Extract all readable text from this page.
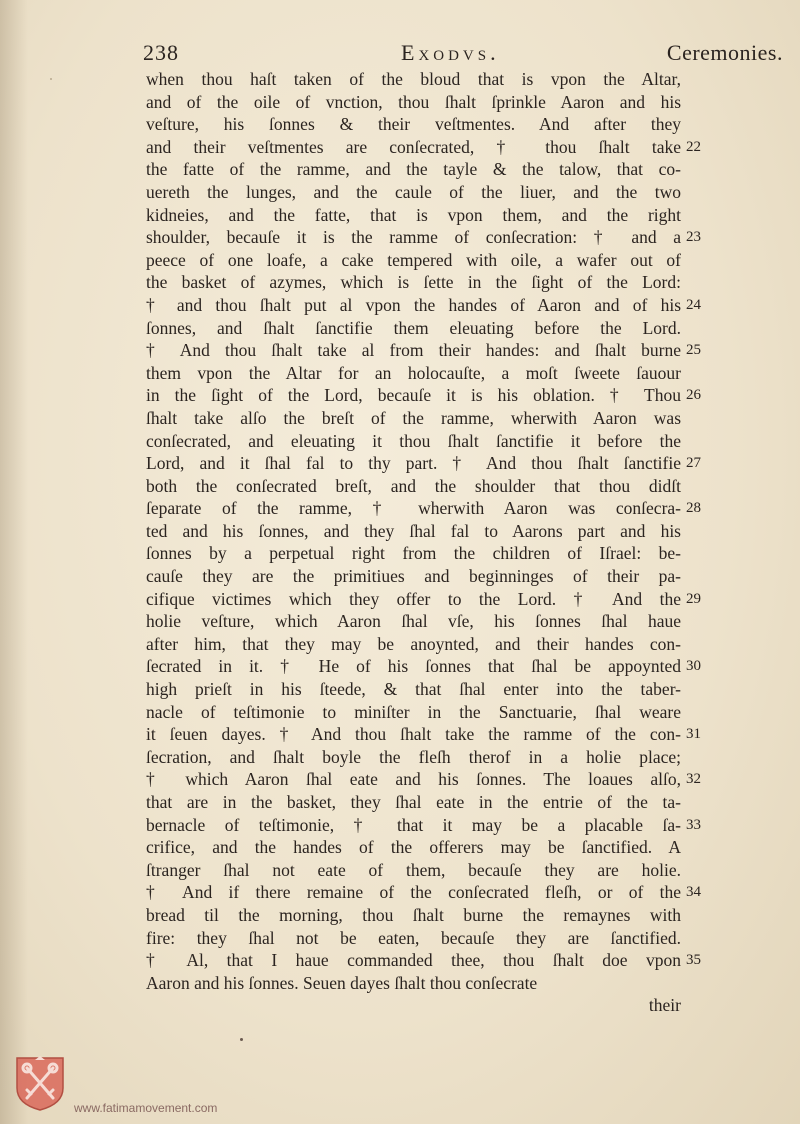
238	Exodvs.	Ceremonies.
when thou haſt taken of the bloud that is vpon the Altar,
and of the oile of vnction, thou ſhalt ſprinkle Aaron and his
veſture, his ſonnes & their veſtmentes. And after they
and their veſtmentes are conſecrated, † thou ſhalt take
the fatte of the ramme, and the tayle & the talow, that co-
uereth the lunges, and the caule of the liuer, and the two
kidneies, and the fatte, that is vpon them, and the right
shoulder, becauſe it is the ramme of conſecration: † and a
peece of one loafe, a cake tempered with oile, a wafer out of
the basket of azymes, which is ſette in the ſight of the Lord:
† and thou ſhalt put al vpon the handes of Aaron and of his
ſonnes, and ſhalt ſanctifie them eleuating before the Lord.
† And thou ſhalt take al from their handes: and ſhalt burne
them vpon the Altar for an holocauſte, a moſt ſweete ſauour
in the ſight of the Lord, becauſe it is his oblation. † Thou
ſhalt take alſo the breſt of the ramme, wherwith Aaron was
conſecrated, and eleuating it thou ſhalt ſanctifie it before the
Lord, and it ſhal fal to thy part. † And thou ſhalt ſanctifie
both the conſecrated breſt, and the shoulder that thou didſt
ſeparate of the ramme, † wherwith Aaron was conſecra-
ted and his ſonnes, and they ſhal fal to Aarons part and his
ſonnes by a perpetual right from the children of Iſrael: be-
cauſe they are the primitiues and beginninges of their pa-
cifique victimes which they offer to the Lord. † And the
holie veſture, which Aaron ſhal vſe, his ſonnes ſhal haue
after him, that they may be anoynted, and their handes con-
ſecrated in it. † He of his ſonnes that ſhal be appoynted
high prieſt in his ſteede, & that ſhal enter into the taber-
nacle of teſtimonie to miniſter in the Sanctuarie, ſhal weare
it ſeuen dayes. † And thou ſhalt take the ramme of the con-
ſecration, and ſhalt boyle the fleſh therof in a holie place;
† which Aaron ſhal eate and his ſonnes. The loaues alſo,
that are in the basket, they ſhal eate in the entrie of the ta-
bernacle of teſtimonie, † that it may be a placable ſa-
crifice, and the handes of the offerers may be ſanctified. A
ſtranger ſhal not eate of them, becauſe they are holie.
† And if there remaine of the conſecrated fleſh, or of the
bread til the morning, thou ſhalt burne the remaynes with
fire: they ſhal not be eaten, becauſe they are ſanctified.
† Al, that I haue commanded thee, thou ſhalt doe vpon
Aaron and his ſonnes. Seuen dayes ſhalt thou conſecrate
their
22
23
24
25
26
27
28
29
30
31
32
33
34
35
www.fatimamovement.com
